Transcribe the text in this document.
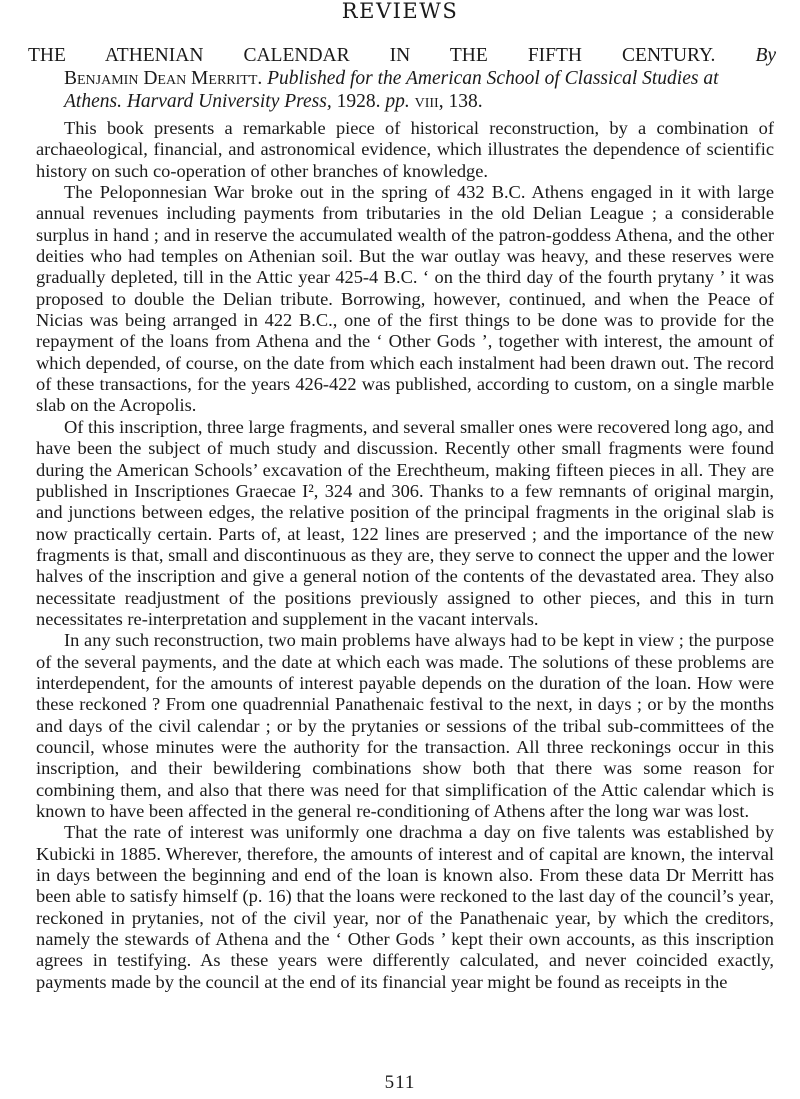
REVIEWS
THE ATHENIAN CALENDAR IN THE FIFTH CENTURY. By
Benjamin Dean Merritt. Published for the American School of Classical Studies at Athens. Harvard University Press, 1928. pp. viii, 138.

This book presents a remarkable piece of historical reconstruction, by a combination of archaeological, financial, and astronomical evidence, which illustrates the dependence of scientific history on such co-operation of other branches of knowledge.

The Peloponnesian War broke out in the spring of 432 B.C. Athens engaged in it with large annual revenues including payments from tributaries in the old Delian League ; a considerable surplus in hand ; and in reserve the accumulated wealth of the patron-goddess Athena, and the other deities who had temples on Athenian soil. But the war outlay was heavy, and these reserves were gradually depleted, till in the Attic year 425-4 B.C. ‘ on the third day of the fourth prytany ’ it was proposed to double the Delian tribute. Borrowing, however, continued, and when the Peace of Nicias was being arranged in 422 B.C., one of the first things to be done was to provide for the repayment of the loans from Athena and the ‘ Other Gods ’, together with interest, the amount of which depended, of course, on the date from which each instalment had been drawn out. The record of these transactions, for the years 426-422 was published, according to custom, on a single marble slab on the Acropolis.

Of this inscription, three large fragments, and several smaller ones were recovered long ago, and have been the subject of much study and discussion. Recently other small fragments were found during the American Schools’ excavation of the Erechtheum, making fifteen pieces in all. They are published in Inscriptiones Graecae I², 324 and 306. Thanks to a few remnants of original margin, and junctions between edges, the relative position of the principal fragments in the original slab is now practically certain. Parts of, at least, 122 lines are preserved ; and the importance of the new fragments is that, small and discontinuous as they are, they serve to connect the upper and the lower halves of the inscription and give a general notion of the contents of the devastated area. They also necessitate readjustment of the positions previously assigned to other pieces, and this in turn necessitates re-interpretation and supplement in the vacant intervals.

In any such reconstruction, two main problems have always had to be kept in view ; the purpose of the several payments, and the date at which each was made. The solutions of these problems are interdependent, for the amounts of interest payable depends on the duration of the loan. How were these reckoned ? From one quadrennial Panathenaic festival to the next, in days ; or by the months and days of the civil calendar ; or by the prytanies or sessions of the tribal sub-committees of the council, whose minutes were the authority for the transaction. All three reckonings occur in this inscription, and their bewildering combinations show both that there was some reason for combining them, and also that there was need for that simplification of the Attic calendar which is known to have been affected in the general re-conditioning of Athens after the long war was lost.

That the rate of interest was uniformly one drachma a day on five talents was established by Kubicki in 1885. Wherever, therefore, the amounts of interest and of capital are known, the interval in days between the beginning and end of the loan is known also. From these data Dr Merritt has been able to satisfy himself (p. 16) that the loans were reckoned to the last day of the council’s year, reckoned in prytanies, not of the civil year, nor of the Panathenaic year, by which the creditors, namely the stewards of Athena and the ‘ Other Gods ’ kept their own accounts, as this inscription agrees in testifying. As these years were differently calculated, and never coincided exactly, payments made by the council at the end of its financial year might be found as receipts in the

511
